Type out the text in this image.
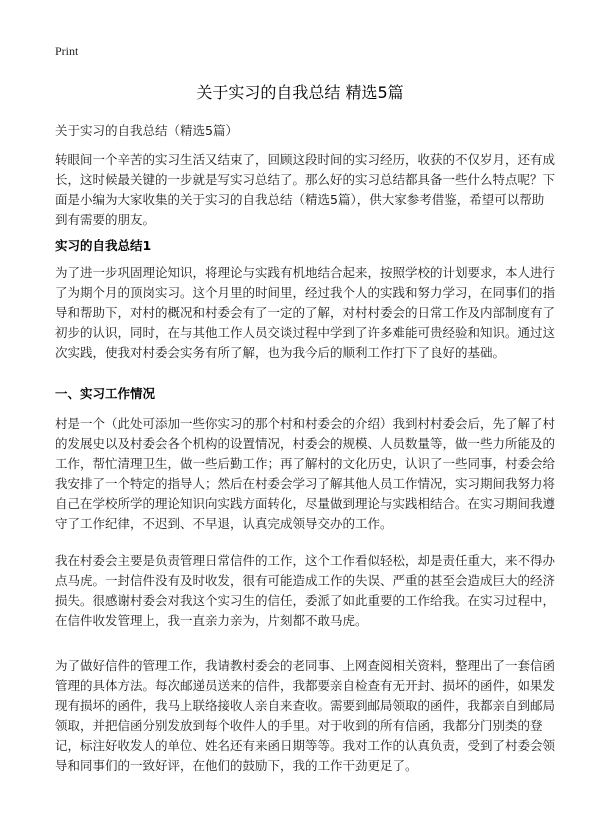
Print
关于实习的自我总结 精选5篇
关于实习的自我总结（精选5篇）
转眼间一个辛苦的实习生活又结束了，回顾这段时间的实习经历，收获的不仅岁月，还有成长，这时候最关键的一步就是写实习总结了。那么好的实习总结都具备一些什么特点呢？下面是小编为大家收集的关于实习的自我总结（精选5篇），供大家参考借鉴，希望可以帮助到有需要的朋友。
实习的自我总结1
为了进一步巩固理论知识，将理论与实践有机地结合起来，按照学校的计划要求，本人进行了为期个月的顶岗实习。这个月里的时间里，经过我个人的实践和努力学习，在同事们的指导和帮助下，对村的概况和村委会有了一定的了解，对村村委会的日常工作及内部制度有了初步的认识，同时，在与其他工作人员交谈过程中学到了许多难能可贵经验和知识。通过这次实践，使我对村委会实务有所了解，也为我今后的顺利工作打下了良好的基础。
一、实习工作情况
村是一个（此处可添加一些你实习的那个村和村委会的介绍）我到村村委会后，先了解了村的发展史以及村委会各个机构的设置情况，村委会的规模、人员数量等，做一些力所能及的工作，帮忙清理卫生，做一些后勤工作；再了解村的文化历史，认识了一些同事，村委会给我安排了一个特定的指导人；然后在村委会学习了解其他人员工作情况，实习期间我努力将自己在学校所学的理论知识向实践方面转化，尽量做到理论与实践相结合。在实习期间我遵守了工作纪律，不迟到、不早退，认真完成领导交办的工作。
我在村委会主要是负责管理日常信件的工作，这个工作看似轻松，却是责任重大，来不得办点马虎。一封信件没有及时收发，很有可能造成工作的失误、严重的甚至会造成巨大的经济损失。很感谢村委会对我这个实习生的信任，委派了如此重要的工作给我。在实习过程中，在信件收发管理上，我一直亲力亲为，片刻都不敢马虎。
为了做好信件的管理工作，我请教村委会的老同事、上网查阅相关资料，整理出了一套信函管理的具体方法。每次邮递员送来的信件，我都要亲自检查有无开封、损坏的函件，如果发现有损坏的函件，我马上联络接收人亲自来查收。需要到邮局领取的函件，我都亲自到邮局领取，并把信函分别发放到每个收件人的手里。对于收到的所有信函，我都分门别类的登记，标注好收发人的单位、姓名还有来函日期等等。我对工作的认真负责，受到了村委会领导和同事们的一致好评，在他们的鼓励下，我的工作干劲更足了。
